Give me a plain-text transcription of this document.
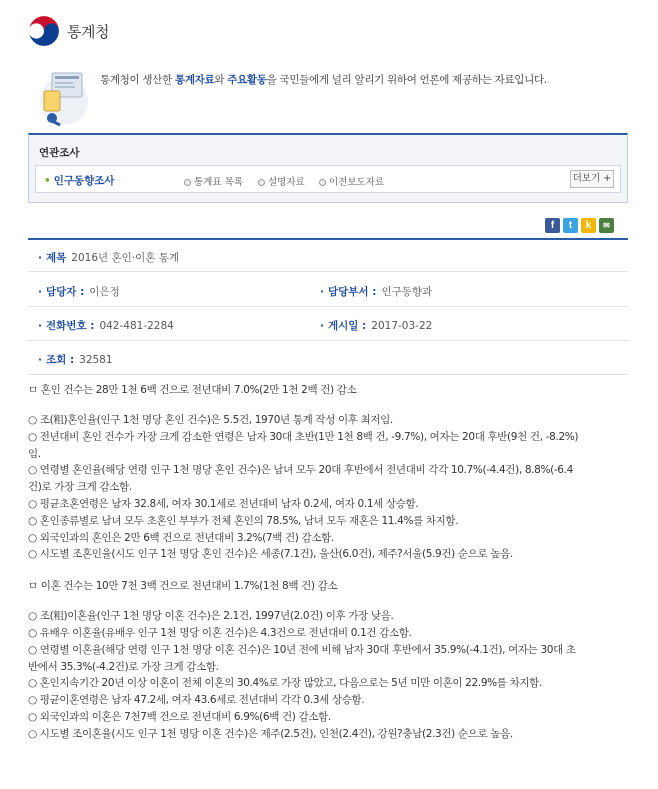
통계청
통계청이 생산한 통계자료와 주요활동을 국민들에게 널리 알리기 위하여 언론에 제공하는 자료입니다.
연관조사
• 인구동향조사	통계표 목록	설명자료	이전보도자료	더보기 +
f	t	k	✉
· 제목 2016년 혼인·이혼 통계
· 담당자 : 이은정	· 담당부서 : 인구동향과
· 전화번호 : 042-481-2284	· 게시일 : 2017-03-22
· 조회 : 32581
ㅁ 혼인 건수는 28만 1천 6백 건으로 전년대비 7.0%(2만 1천 2백 건) 감소
○ 조(粗)혼인율(인구 1천 명당 혼인 건수)은 5.5건, 1970년 통계 작성 이후 최저임.
○ 전년대비 혼인 건수가 가장 크게 감소한 연령은 남자 30대 초반(1만 1천 8백 건, -9.7%), 여자는 20대 후반(9천 건, -8.2%)
임.
○ 연령별 혼인율(해당 연령 인구 1천 명당 혼인 건수)은 남녀 모두 20대 후반에서 전년대비 각각 10.7%(-4.4건), 8.8%(-6.4
건)로 가장 크게 감소함.
○ 평균초혼연령은 남자 32.8세, 여자 30.1세로 전년대비 남자 0.2세, 여자 0.1세 상승함.
○ 혼인종류별로 남녀 모두 초혼인 부부가 전체 혼인의 78.5%, 남녀 모두 재혼은 11.4%를 차지함.
○ 외국인과의 혼인은 2만 6백 건으로 전년대비 3.2%(7백 건) 감소함.
○ 시도별 조혼인율(시도 인구 1천 명당 혼인 건수)은 세종(7.1건), 울산(6.0건), 제주?서울(5.9건) 순으로 높음.
ㅁ 이혼 건수는 10만 7천 3백 건으로 전년대비 1.7%(1천 8백 건) 감소
○ 조(粗)이혼율(인구 1천 명당 이혼 건수)은 2.1건, 1997년(2.0건) 이후 가장 낮음.
○ 유배우 이혼율(유배우 인구 1천 명당 이혼 건수)은 4.3건으로 전년대비 0.1건 감소함.
○ 연령별 이혼율(해당 연령 인구 1천 명당 이혼 건수)은 10년 전에 비해 남자 30대 후반에서 35.9%(-4.1건), 여자는 30대 초
반에서 35.3%(-4.2건)로 가장 크게 감소함.
○ 혼인지속기간 20년 이상 이혼이 전체 이혼의 30.4%로 가장 많았고, 다음으로는 5년 미만 이혼이 22.9%를 차지함.
○ 평균이혼연령은 남자 47.2세, 여자 43.6세로 전년대비 각각 0.3세 상승함.
○ 외국인과의 이혼은 7천7백 건으로 전년대비 6.9%(6백 건) 감소함.
○ 시도별 조이혼율(시도 인구 1천 명당 이혼 건수)은 제주(2.5건), 인천(2.4건), 강원?충남(2.3건) 순으로 높음.
